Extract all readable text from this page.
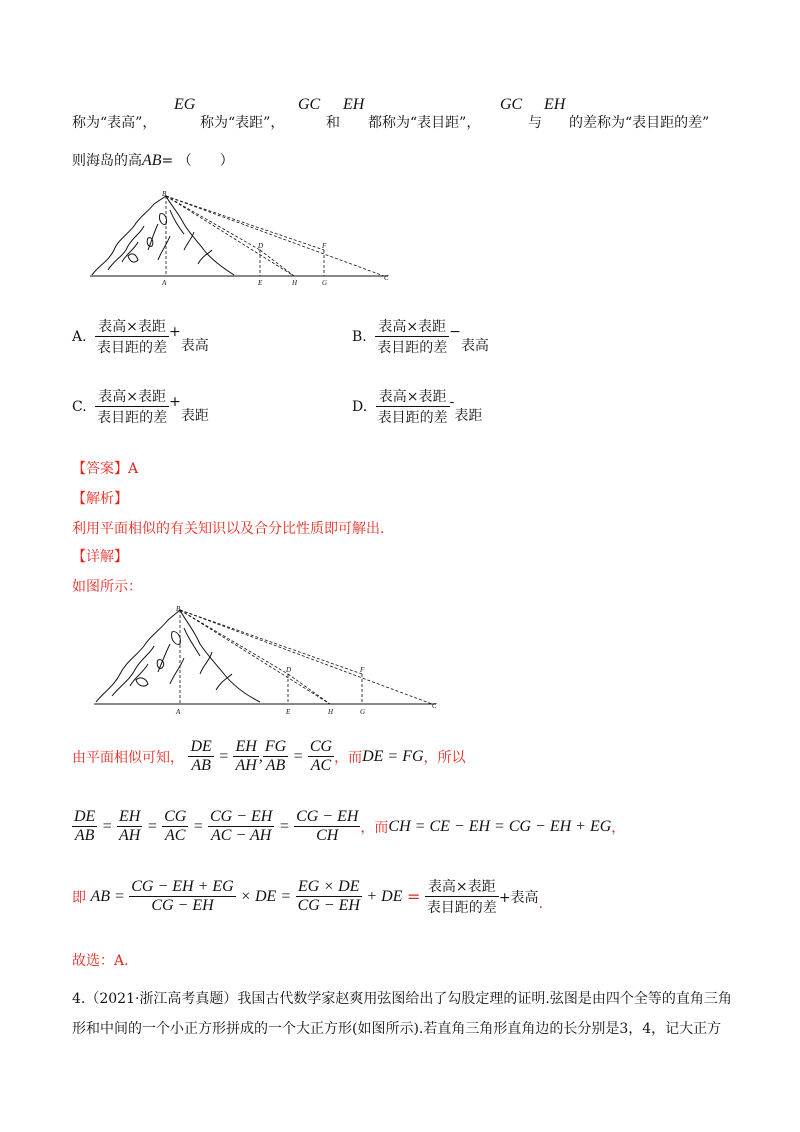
称为“表高”，
EG
称为“表距”，
GC
和
EH
都称为“表目距”，
GC
与
EH
的差称为“表目距的差”
则海岛的高AB= （　　）
B
D	F
A	E	H	G
C
A. $\frac{\text{表高×表距}}{\text{表目距的差}}$ +表高
B. $\frac{\text{表高×表距}}{\text{表目距的差}}$ −表高
C. $\frac{\text{表高×表距}}{\text{表目距的差}}$ +表距
D. $\frac{\text{表高×表距}}{\text{表目距的差}}$ -表距
【答案】A
【解析】
利用平面相似的有关知识以及合分比性质即可解出.
【详解】
如图所示：
B
D	F
A	E	H	G
C
由平面相似可知， $\frac{DE}{AB} = \frac{EH}{AH}$ , $\frac{FG}{AB} = \frac{CG}{AC}$ ，而DE = FG，所以
$\frac{DE}{AB} = \frac{EH}{AH} = \frac{CG}{AC} = \frac{CG - EH}{AC - AH} = \frac{CG - EH}{CH}$ ，而CH = CE − EH = CG − EH + EG，
即 AB = $\frac{CG - EH + EG}{CG - EH}$ × DE = $\frac{EG \times DE}{CG - EH}$ + DE = $\frac{\text{表高×表距}}{\text{表目距的差}}$ +表高.
故选：A.
4.（2021·浙江高考真题）我国古代数学家赵爽用弦图给出了勾股定理的证明.弦图是由四个全等的直角三角
形和中间的一个小正方形拼成的一个大正方形(如图所示).若直角三角形直角边的长分别是3，4，记大正方
